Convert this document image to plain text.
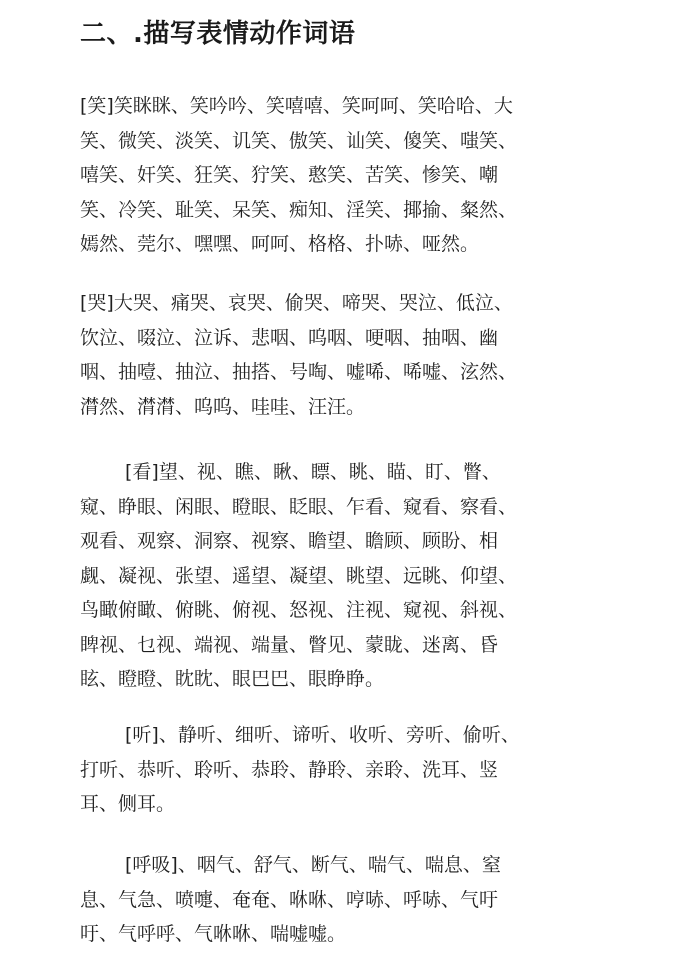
二、.描写表情动作词语
[笑]笑眯眯、笑吟吟、笑嘻嘻、笑呵呵、笑哈哈、大
笑、微笑、淡笑、讥笑、傲笑、讪笑、傻笑、嗤笑、
嘻笑、奸笑、狂笑、狞笑、憨笑、苦笑、惨笑、嘲
笑、冷笑、耻笑、呆笑、痴知、淫笑、揶揄、粲然、
嫣然、莞尔、嘿嘿、呵呵、格格、扑哧、哑然。
[哭]大哭、痛哭、哀哭、偷哭、啼哭、哭泣、低泣、
饮泣、啜泣、泣诉、悲咽、呜咽、哽咽、抽咽、幽
咽、抽噎、抽泣、抽搭、号啕、嘘唏、唏嘘、泫然、
潸然、潸潸、呜呜、哇哇、汪汪。
[看]望、视、瞧、瞅、瞟、眺、瞄、盯、瞥、
窥、睁眼、闲眼、瞪眼、眨眼、乍看、窥看、察看、
观看、观察、洞察、视察、瞻望、瞻顾、顾盼、相
觑、凝视、张望、遥望、凝望、眺望、远眺、仰望、
鸟瞰俯瞰、俯眺、俯视、怒视、注视、窥视、斜视、
睥视、乜视、端视、端量、瞥见、蒙眬、迷离、昏
眩、瞪瞪、眈眈、眼巴巴、眼睁睁。
[听]、静听、细听、谛听、收听、旁听、偷听、
打听、恭听、聆听、恭聆、静聆、亲聆、洗耳、竖
耳、侧耳。
[呼吸]、咽气、舒气、断气、喘气、喘息、窒
息、气急、喷嚏、奄奄、咻咻、哼哧、呼哧、气吁
吁、气呼呼、气咻咻、喘嘘嘘。
